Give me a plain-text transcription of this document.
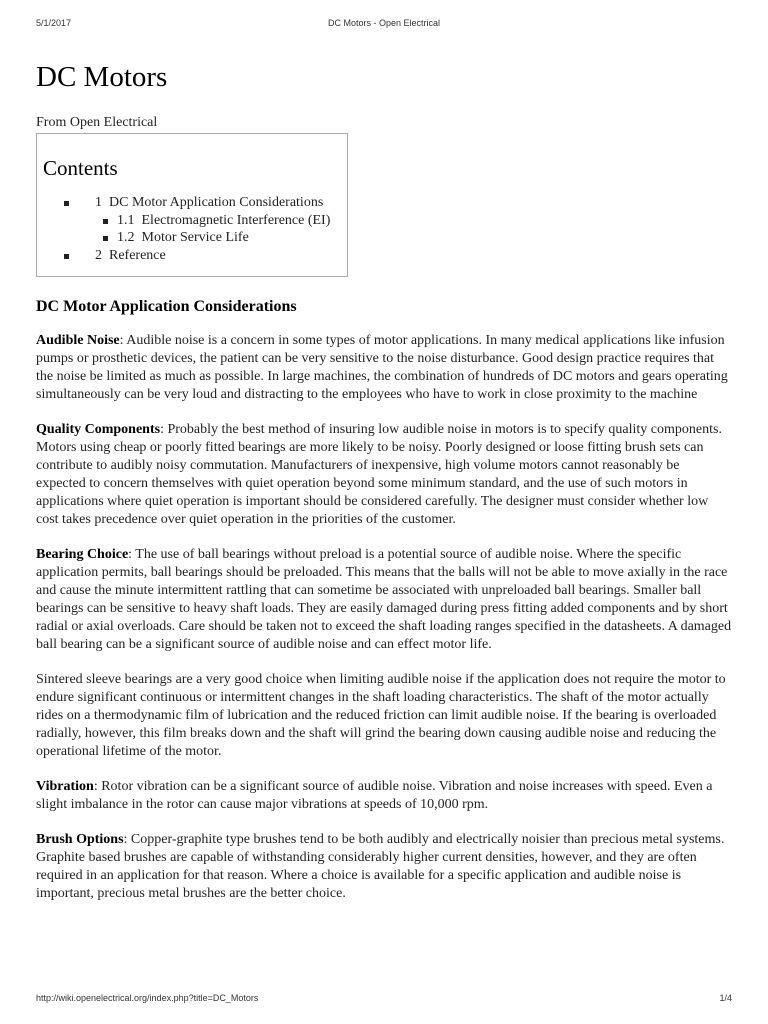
5/1/2017	DC Motors - Open Electrical
DC Motors
From Open Electrical
Contents
1 DC Motor Application Considerations
1.1 Electromagnetic Interference (EI)
1.2 Motor Service Life
2 Reference
DC Motor Application Considerations

Audible Noise: Audible noise is a concern in some types of motor applications. In many medical applications like infusion pumps or prosthetic devices, the patient can be very sensitive to the noise disturbance. Good design practice requires that the noise be limited as much as possible. In large machines, the combination of hundreds of DC motors and gears operating simultaneously can be very loud and distracting to the employees who have to work in close proximity to the machine

Quality Components: Probably the best method of insuring low audible noise in motors is to specify quality components. Motors using cheap or poorly fitted bearings are more likely to be noisy. Poorly designed or loose fitting brush sets can contribute to audibly noisy commutation. Manufacturers of inexpensive, high volume motors cannot reasonably be expected to concern themselves with quiet operation beyond some minimum standard, and the use of such motors in applications where quiet operation is important should be considered carefully. The designer must consider whether low cost takes precedence over quiet operation in the priorities of the customer.

Bearing Choice: The use of ball bearings without preload is a potential source of audible noise. Where the specific application permits, ball bearings should be preloaded. This means that the balls will not be able to move axially in the race and cause the minute intermittent rattling that can sometime be associated with unpreloaded ball bearings. Smaller ball bearings can be sensitive to heavy shaft loads. They are easily damaged during press fitting added components and by short radial or axial overloads. Care should be taken not to exceed the shaft loading ranges specified in the datasheets. A damaged ball bearing can be a significant source of audible noise and can effect motor life.

Sintered sleeve bearings are a very good choice when limiting audible noise if the application does not require the motor to endure significant continuous or intermittent changes in the shaft loading characteristics. The shaft of the motor actually rides on a thermodynamic film of lubrication and the reduced friction can limit audible noise. If the bearing is overloaded radially, however, this film breaks down and the shaft will grind the bearing down causing audible noise and reducing the operational lifetime of the motor.

Vibration: Rotor vibration can be a significant source of audible noise. Vibration and noise increases with speed. Even a slight imbalance in the rotor can cause major vibrations at speeds of 10,000 rpm.

Brush Options: Copper-graphite type brushes tend to be both audibly and electrically noisier than precious metal systems. Graphite based brushes are capable of withstanding considerably higher current densities, however, and they are often required in an application for that reason. Where a choice is available for a specific application and audible noise is important, precious metal brushes are the better choice.

http://wiki.openelectrical.org/index.php?title=DC_Motors	1/4
